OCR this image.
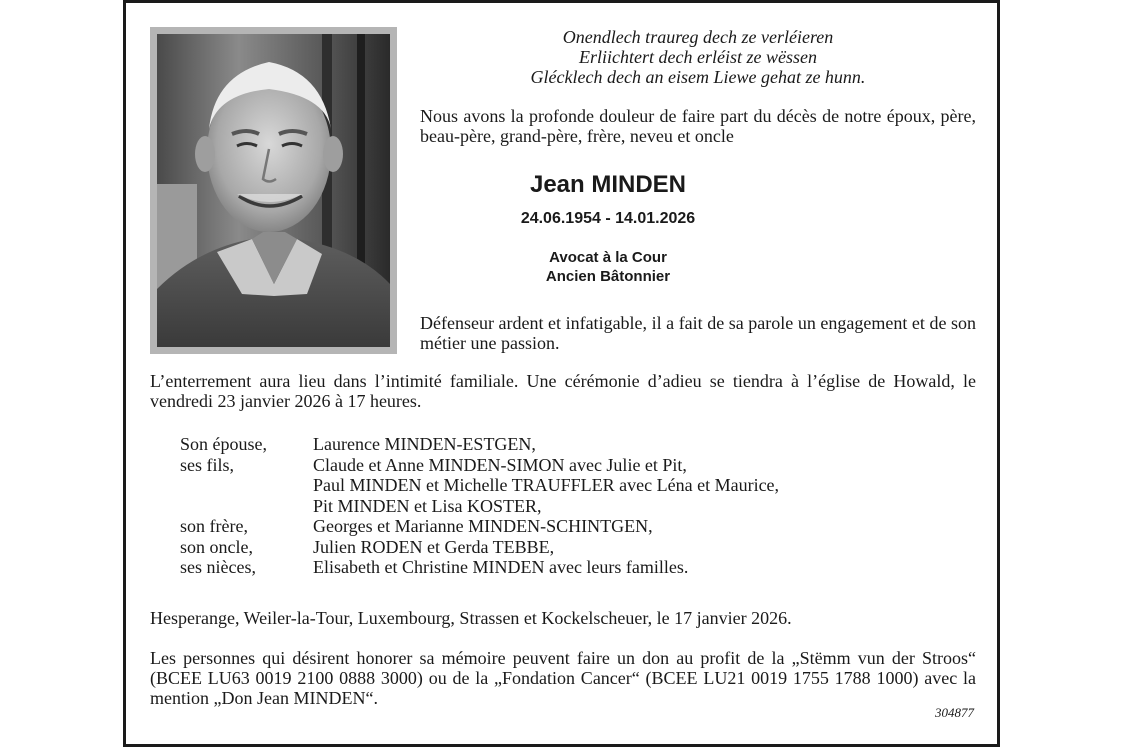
Onendlech traureg dech ze verléieren
Erliichtert dech erléist ze wëssen
Glécklech dech an eisem Liewe gehat ze hunn.
Nous avons la profonde douleur de faire part du décès de notre époux, père, beau-père, grand-père, frère, neveu et oncle
Jean MINDEN
24.06.1954 - 14.01.2026
Avocat à la Cour
Ancien Bâtonnier
Défenseur ardent et infatigable, il a fait de sa parole un engagement et de son métier une passion.
L’enterrement aura lieu dans l’intimité familiale. Une cérémonie d’adieu se tiendra à l’église de Howald, le vendredi 23 janvier 2026 à 17 heures.
Son épouse,	Laurence MINDEN-ESTGEN,
ses fils,	Claude et Anne MINDEN-SIMON avec Julie et Pit,
Paul MINDEN et Michelle TRAUFFLER avec Léna et Maurice,
Pit MINDEN et Lisa KOSTER,
son frère,	Georges et Marianne MINDEN-SCHINTGEN,
son oncle,	Julien RODEN et Gerda TEBBE,
ses nièces,	Elisabeth et Christine MINDEN avec leurs familles.
Hesperange, Weiler-la-Tour, Luxembourg, Strassen et Kockelscheuer, le 17 janvier 2026.
Les personnes qui désirent honorer sa mémoire peuvent faire un don au profit de la „Stëmm vun der Stroos“ (BCEE LU63 0019 2100 0888 3000) ou de la „Fondation Cancer“ (BCEE LU21 0019 1755 1788 1000) avec la mention „Don Jean MINDEN“.
304877
